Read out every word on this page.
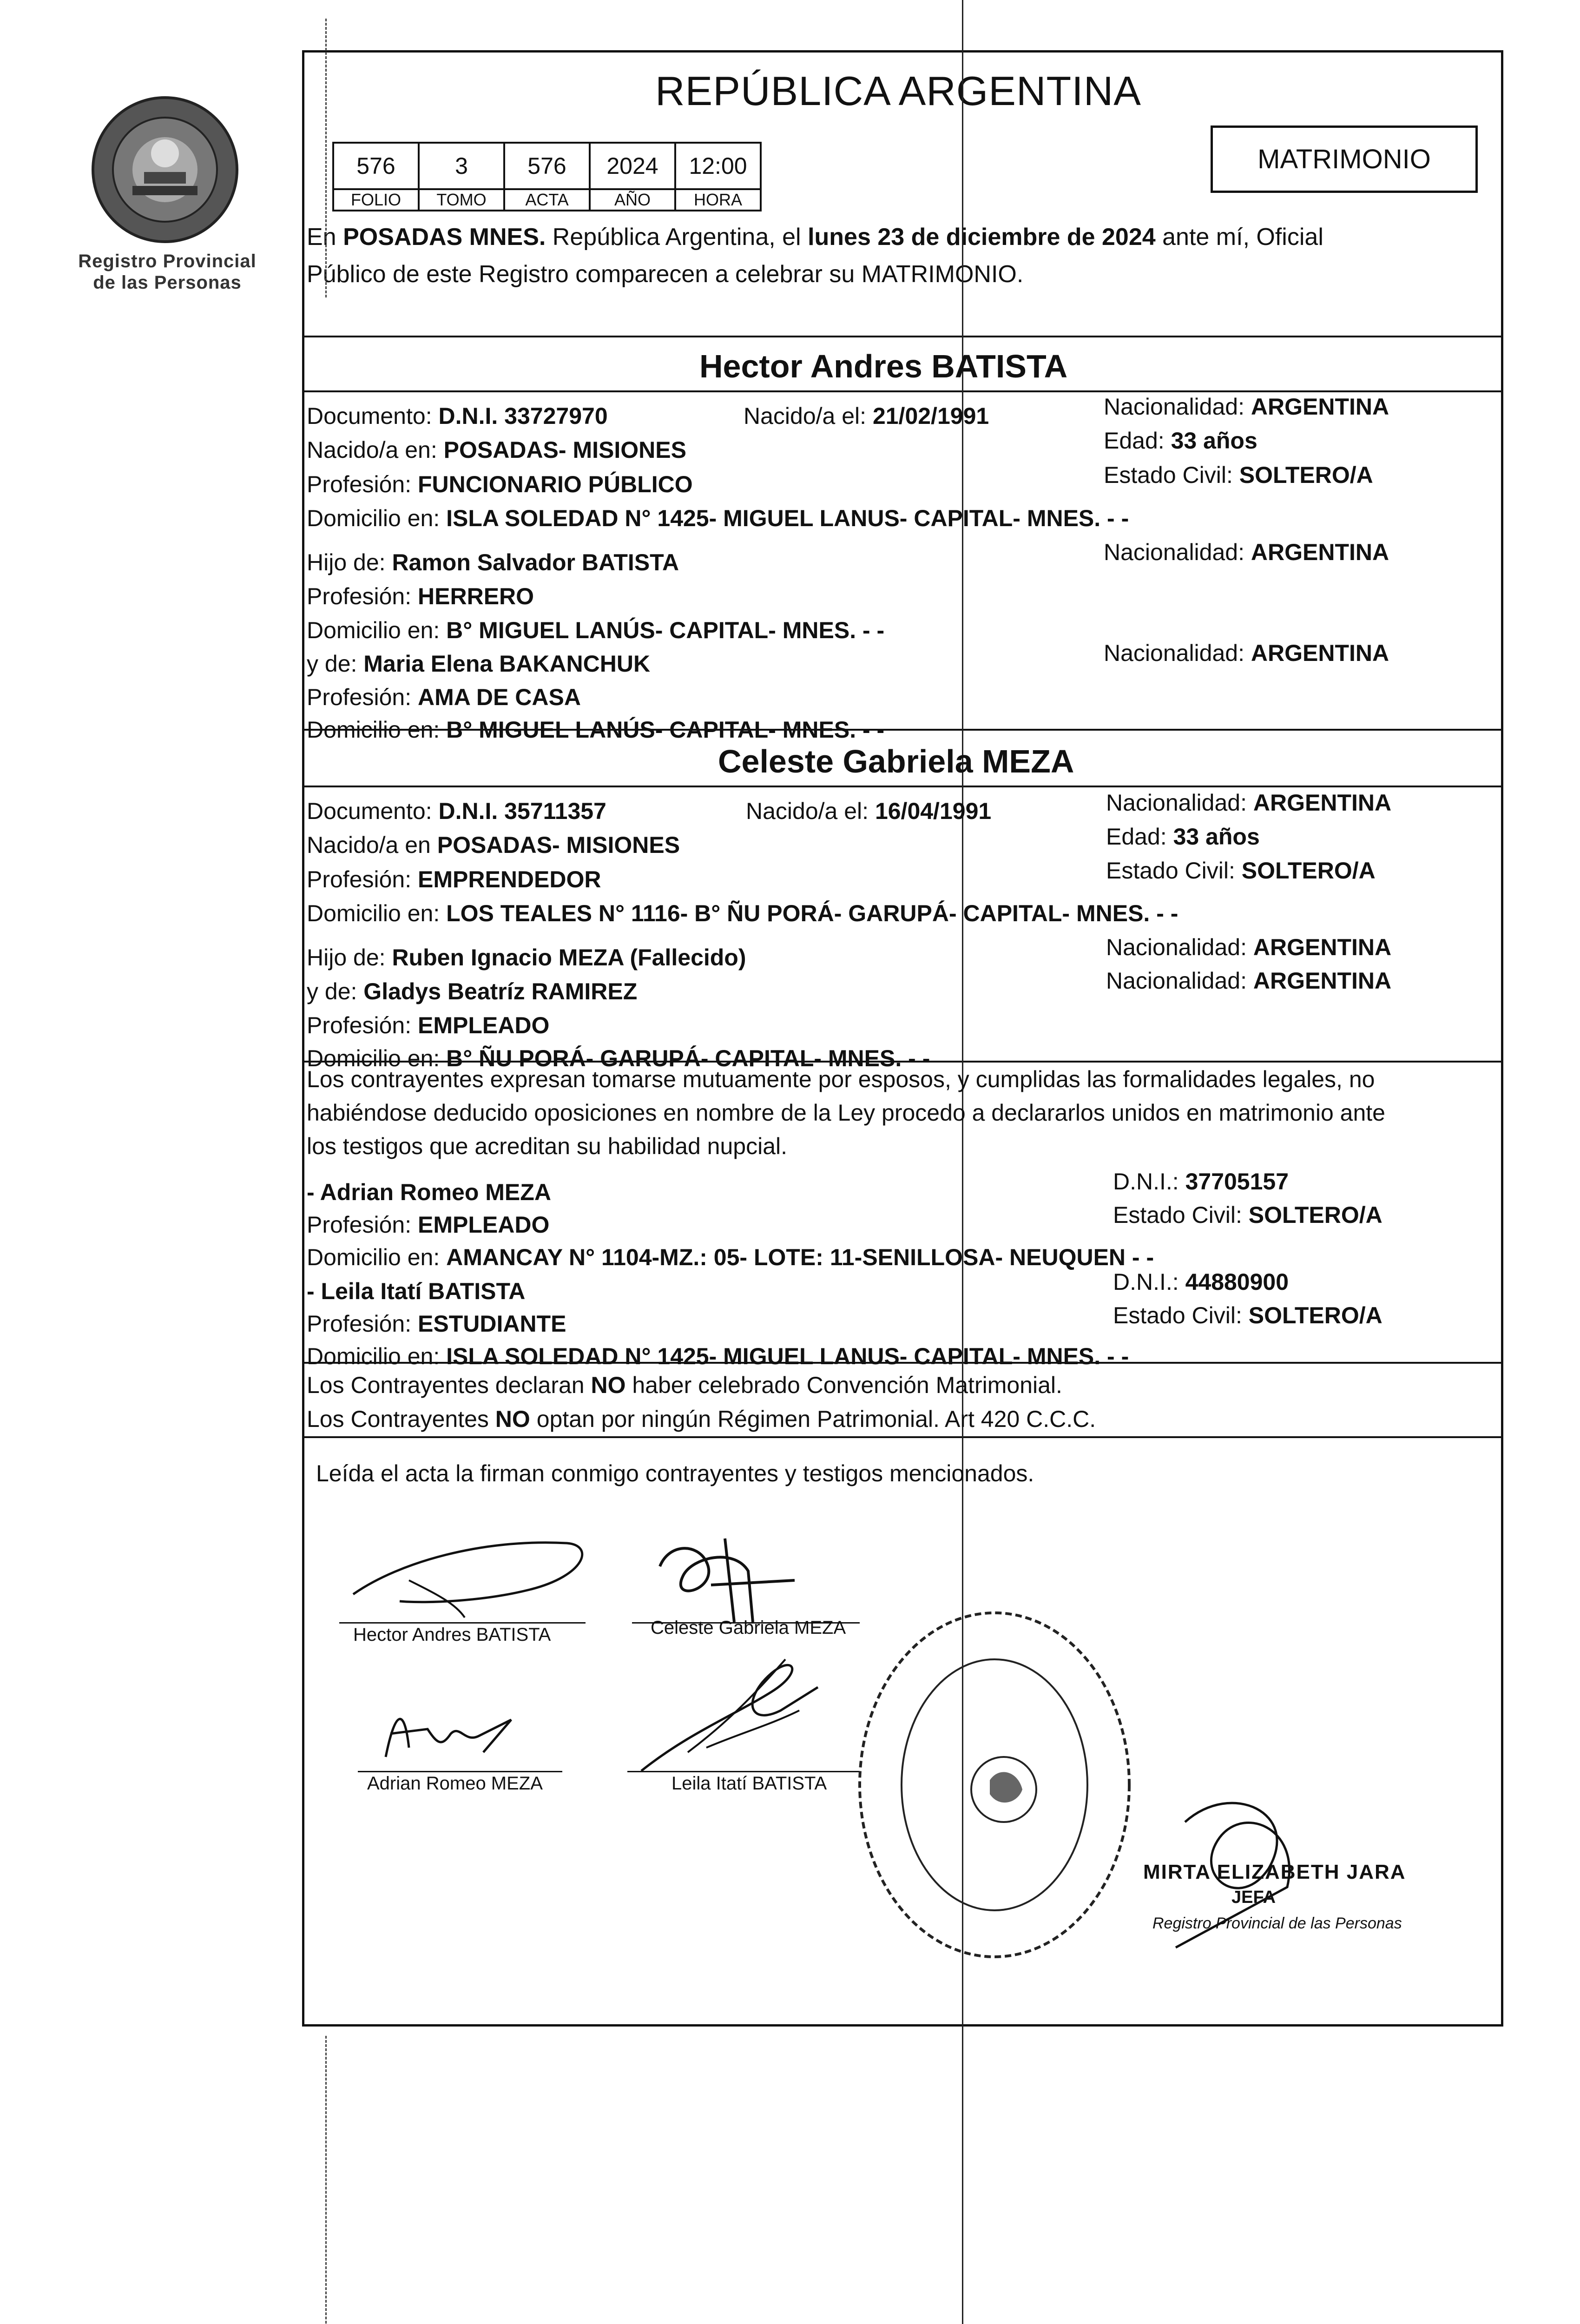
Registro Provincial
de las Personas
REPÚBLICA ARGENTINA
576	3	576	2024	12:00
FOLIO	TOMO	ACTA	AÑO	HORA
MATRIMONIO
En POSADAS MNES. República Argentina, el lunes 23 de diciembre de 2024 ante mí, Oficial
Público de este Registro comparecen a celebrar su MATRIMONIO.
Hector Andres BATISTA
Documento: D.N.I. 33727970	Nacido/a el: 21/02/1991	Nacionalidad: ARGENTINA
Nacido/a en: POSADAS- MISIONES	Edad: 33 años
Profesión: FUNCIONARIO PÚBLICO	Estado Civil: SOLTERO/A
Domicilio en: ISLA SOLEDAD N° 1425- MIGUEL LANUS- CAPITAL- MNES. - -
Hijo de: Ramon Salvador BATISTA	Nacionalidad: ARGENTINA
Profesión: HERRERO
Domicilio en: B° MIGUEL LANÚS- CAPITAL- MNES. - -
y de: Maria Elena BAKANCHUK	Nacionalidad: ARGENTINA
Profesión: AMA DE CASA
Domicilio en: B° MIGUEL LANÚS- CAPITAL- MNES. - -
Celeste Gabriela MEZA
Documento: D.N.I. 35711357	Nacido/a el: 16/04/1991	Nacionalidad: ARGENTINA
Nacido/a en POSADAS- MISIONES	Edad: 33 años
Profesión: EMPRENDEDOR	Estado Civil: SOLTERO/A
Domicilio en: LOS TEALES N° 1116- B° ÑU PORÁ- GARUPÁ- CAPITAL- MNES. - -
Hijo de: Ruben Ignacio MEZA (Fallecido)	Nacionalidad: ARGENTINA
y de: Gladys Beatríz RAMIREZ	Nacionalidad: ARGENTINA
Profesión: EMPLEADO
Domicilio en: B° ÑU PORÁ- GARUPÁ- CAPITAL- MNES. - -
Los contrayentes expresan tomarse mutuamente por esposos, y cumplidas las formalidades legales, no
habiéndose deducido oposiciones en nombre de la Ley procedo a declararlos unidos en matrimonio ante
los testigos que acreditan su habilidad nupcial.
- Adrian Romeo MEZA	D.N.I.: 37705157
Profesión: EMPLEADO	Estado Civil: SOLTERO/A
Domicilio en: AMANCAY N° 1104-MZ.: 05- LOTE: 11-SENILLOSA- NEUQUEN - -
- Leila Itatí BATISTA	D.N.I.: 44880900
Profesión: ESTUDIANTE	Estado Civil: SOLTERO/A
Domicilio en: ISLA SOLEDAD N° 1425- MIGUEL LANUS- CAPITAL- MNES. - -
Los Contrayentes declaran NO haber celebrado Convención Matrimonial.
Los Contrayentes NO optan por ningún Régimen Patrimonial. Art 420 C.C.C.
Leída el acta la firman conmigo contrayentes y testigos mencionados.
Hector Andres BATISTA	Celeste Gabriela MEZA
Adrian Romeo MEZA	Leila Itatí BATISTA
MIRTA ELIZABETH JARA
JEFA
Registro Provincial de las Personas
